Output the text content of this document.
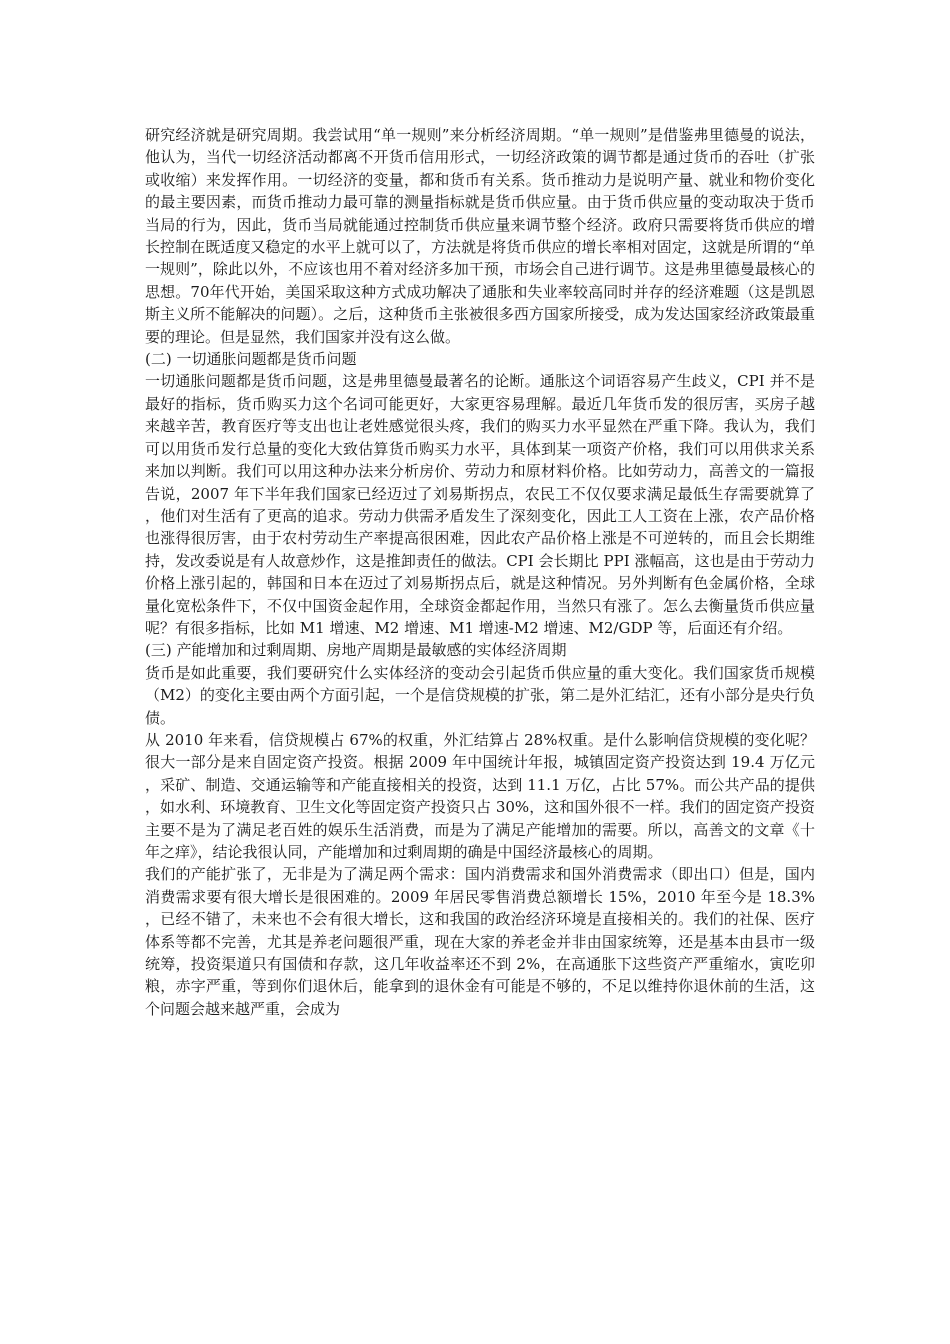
研究经济就是研究周期。我尝试用“单一规则”来分析经济周期。“单一规则”是借鉴弗里德曼的说法，他认为，当代一切经济活动都离不开货币信用形式，一切经济政策的调节都是通过货币的吞吐（扩张或收缩）来发挥作用。一切经济的变量，都和货币有关系。货币推动力是说明产量、就业和物价变化的最主要因素，而货币推动力最可靠的测量指标就是货币供应量。由于货币供应量的变动取决于货币当局的行为，因此，货币当局就能通过控制货币供应量来调节整个经济。政府只需要将货币供应的增长控制在既适度又稳定的水平上就可以了，方法就是将货币供应的增长率相对固定，这就是所谓的“单一规则”，除此以外，不应该也用不着对经济多加干预，市场会自己进行调节。这是弗里德曼最核心的思想。70年代开始，美国采取这种方式成功解决了通胀和失业率较高同时并存的经济难题（这是凯恩斯主义所不能解决的问题）。之后，这种货币主张被很多西方国家所接受，成为发达国家经济政策最重要的理论。但是显然，我们国家并没有这么做。

(二) 一切通胀问题都是货币问题

一切通胀问题都是货币问题，这是弗里德曼最著名的论断。通胀这个词语容易产生歧义，CPI 并不是最好的指标，货币购买力这个名词可能更好，大家更容易理解。最近几年货币发的很厉害，买房子越来越辛苦，教育医疗等支出也让老姓感觉很头疼，我们的购买力水平显然在严重下降。我认为，我们可以用货币发行总量的变化大致估算货币购买力水平，具体到某一项资产价格，我们可以用供求关系来加以判断。我们可以用这种办法来分析房价、劳动力和原材料价格。比如劳动力，高善文的一篇报告说，2007 年下半年我们国家已经迈过了刘易斯拐点，农民工不仅仅要求满足最低生存需要就算了，他们对生活有了更高的追求。劳动力供需矛盾发生了深刻变化，因此工人工资在上涨，农产品价格也涨得很厉害，由于农村劳动生产率提高很困难，因此农产品价格上涨是不可逆转的，而且会长期维持，发改委说是有人故意炒作，这是推卸责任的做法。CPI 会长期比 PPI 涨幅高，这也是由于劳动力价格上涨引起的，韩国和日本在迈过了刘易斯拐点后，就是这种情况。另外判断有色金属价格，全球量化宽松条件下，不仅中国资金起作用，全球资金都起作用，当然只有涨了。怎么去衡量货币供应量呢？有很多指标，比如 M1 增速、M2 增速、M1 增速-M2 增速、M2/GDP 等，后面还有介绍。

(三) 产能增加和过剩周期、房地产周期是最敏感的实体经济周期

货币是如此重要，我们要研究什么实体经济的变动会引起货币供应量的重大变化。我们国家货币规模（M2）的变化主要由两个方面引起，一个是信贷规模的扩张，第二是外汇结汇，还有小部分是央行负债。

从 2010 年来看，信贷规模占 67%的权重，外汇结算占 28%权重。是什么影响信贷规模的变化呢？很大一部分是来自固定资产投资。根据 2009 年中国统计年报，城镇固定资产投资达到 19.4 万亿元，采矿、制造、交通运输等和产能直接相关的投资，达到 11.1 万亿，占比 57%。而公共产品的提供，如水利、环境教育、卫生文化等固定资产投资只占 30%，这和国外很不一样。我们的固定资产投资主要不是为了满足老百姓的娱乐生活消费，而是为了满足产能增加的需要。所以，高善文的文章《十年之痒》，结论我很认同，产能增加和过剩周期的确是中国经济最核心的周期。

我们的产能扩张了，无非是为了满足两个需求：国内消费需求和国外消费需求（即出口）但是，国内消费需求要有很大增长是很困难的。2009 年居民零售消费总额增长 15%，2010 年至今是 18.3%，已经不错了，未来也不会有很大增长，这和我国的政治经济环境是直接相关的。我们的社保、医疗体系等都不完善，尤其是养老问题很严重，现在大家的养老金并非由国家统筹，还是基本由县市一级统筹，投资渠道只有国债和存款，这几年收益率还不到 2%，在高通胀下这些资产严重缩水，寅吃卯粮，赤字严重，等到你们退休后，能拿到的退休金有可能是不够的，不足以维持你退休前的生活，这个问题会越来越严重，会成为
